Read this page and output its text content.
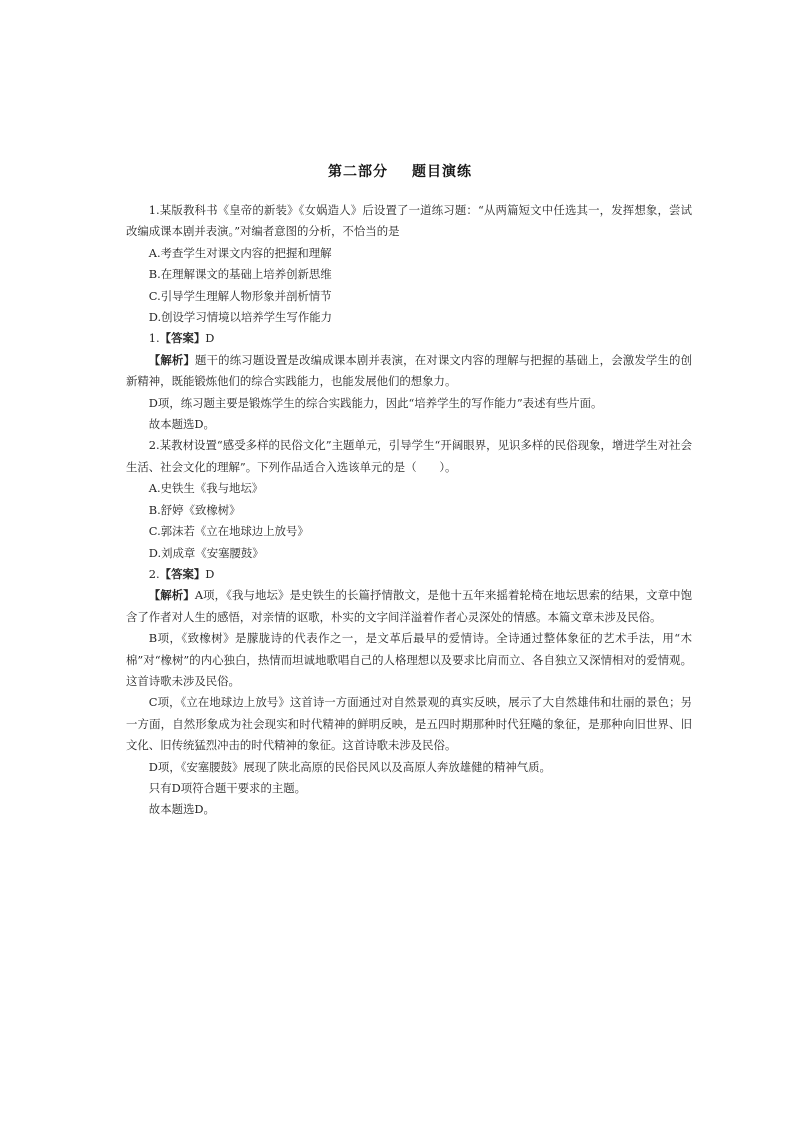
第二部分 题目演练

1.某版教科书《皇帝的新装》《女娲造人》后设置了一道练习题：“从两篇短文中任选其一，发挥想象，尝试改编成课本剧并表演。”对编者意图的分析，不恰当的是

A.考查学生对课文内容的把握和理解

B.在理解课文的基础上培养创新思维

C.引导学生理解人物形象并剖析情节

D.创设学习情境以培养学生写作能力

1.【答案】D

【解析】题干的练习题设置是改编成课本剧并表演，在对课文内容的理解与把握的基础上，会激发学生的创新精神，既能锻炼他们的综合实践能力，也能发展他们的想象力。

D项，练习题主要是锻炼学生的综合实践能力，因此“培养学生的写作能力”表述有些片面。

故本题选D。

2.某教材设置“感受多样的民俗文化”主题单元，引导学生“开阔眼界，见识多样的民俗现象，增进学生对社会生活、社会文化的理解”。下列作品适合入选该单元的是（　　）。

A.史铁生《我与地坛》

B.舒婷《致橡树》

C.郭沫若《立在地球边上放号》

D.刘成章《安塞腰鼓》

2.【答案】D

【解析】A项，《我与地坛》是史铁生的长篇抒情散文，是他十五年来摇着轮椅在地坛思索的结果，文章中饱含了作者对人生的感悟，对亲情的讴歌，朴实的文字间洋溢着作者心灵深处的情感。本篇文章未涉及民俗。

B项，《致橡树》是朦胧诗的代表作之一，是文革后最早的爱情诗。全诗通过整体象征的艺术手法，用“木棉”对“橡树”的内心独白，热情而坦诚地歌唱自己的人格理想以及要求比肩而立、各自独立又深情相对的爱情观。这首诗歌未涉及民俗。

C项，《立在地球边上放号》这首诗一方面通过对自然景观的真实反映，展示了大自然雄伟和壮丽的景色；另一方面，自然形象成为社会现实和时代精神的鲜明反映，是五四时期那种时代狂飚的象征，是那种向旧世界、旧文化、旧传统猛烈冲击的时代精神的象征。这首诗歌未涉及民俗。

D项，《安塞腰鼓》展现了陕北高原的民俗民风以及高原人奔放雄健的精神气质。

只有D项符合题干要求的主题。

故本题选D。
